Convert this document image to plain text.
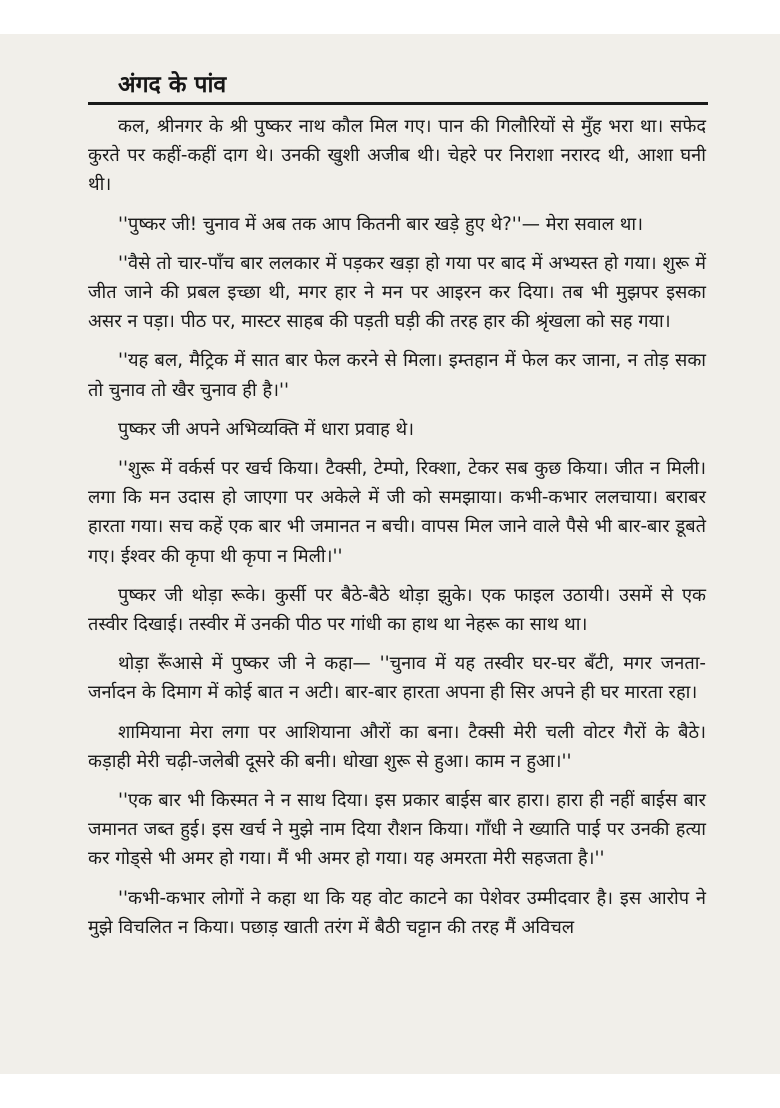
अंगद के पांव

कल, श्रीनगर के श्री पुष्कर नाथ कौल मिल गए। पान की गिलौरियों से मुँह भरा था। सफेद कुरते पर कहीं-कहीं दाग थे। उनकी खुशी अजीब थी। चेहरे पर निराशा नरारद थी, आशा घनी थी।

''पुष्कर जी! चुनाव में अब तक आप कितनी बार खड़े हुए थे?''— मेरा सवाल था।

''वैसे तो चार-पाँच बार ललकार में पड़कर खड़ा हो गया पर बाद में अभ्यस्त हो गया। शुरू में जीत जाने की प्रबल इच्छा थी, मगर हार ने मन पर आइरन कर दिया। तब भी मुझपर इसका असर न पड़ा। पीठ पर, मास्टर साहब की पड़ती घड़ी की तरह हार की श्रृंखला को सह गया।

''यह बल, मैट्रिक में सात बार फेल करने से मिला। इम्तहान में फेल कर जाना, न तोड़ सका तो चुनाव तो खैर चुनाव ही है।''

पुष्कर जी अपने अभिव्यक्ति में धारा प्रवाह थे।

''शुरू में वर्कर्स पर खर्च किया। टैक्सी, टेम्पो, रिक्शा, टेकर सब कुछ किया। जीत न मिली। लगा कि मन उदास हो जाएगा पर अकेले में जी को समझाया। कभी-कभार ललचाया। बराबर हारता गया। सच कहें एक बार भी जमानत न बची। वापस मिल जाने वाले पैसे भी बार-बार डूबते गए। ईश्वर की कृपा थी कृपा न मिली।''

पुष्कर जी थोड़ा रूके। कुर्सी पर बैठे-बैठे थोड़ा झुके। एक फाइल उठायी। उसमें से एक तस्वीर दिखाई। तस्वीर में उनकी पीठ पर गांधी का हाथ था नेहरू का साथ था।

थोड़ा रूँआसे में पुष्कर जी ने कहा— ''चुनाव में यह तस्वीर घर-घर बँटी, मगर जनता-जर्नादन के दिमाग में कोई बात न अटी। बार-बार हारता अपना ही सिर अपने ही घर मारता रहा।

शामियाना मेरा लगा पर आशियाना औरों का बना। टैक्सी मेरी चली वोटर गैरों के बैठे। कड़ाही मेरी चढ़ी-जलेबी दूसरे की बनी। धोखा शुरू से हुआ। काम न हुआ।''

''एक बार भी किस्मत ने न साथ दिया। इस प्रकार बाईस बार हारा। हारा ही नहीं बाईस बार जमानत जब्त हुई। इस खर्च ने मुझे नाम दिया रौशन किया। गाँधी ने ख्याति पाई पर उनकी हत्या कर गोड्से भी अमर हो गया। मैं भी अमर हो गया। यह अमरता मेरी सहजता है।''

''कभी-कभार लोगों ने कहा था कि यह वोट काटने का पेशेवर उम्मीदवार है। इस आरोप ने मुझे विचलित न किया। पछाड़ खाती तरंग में बैठी चट्टान की तरह मैं अविचल
